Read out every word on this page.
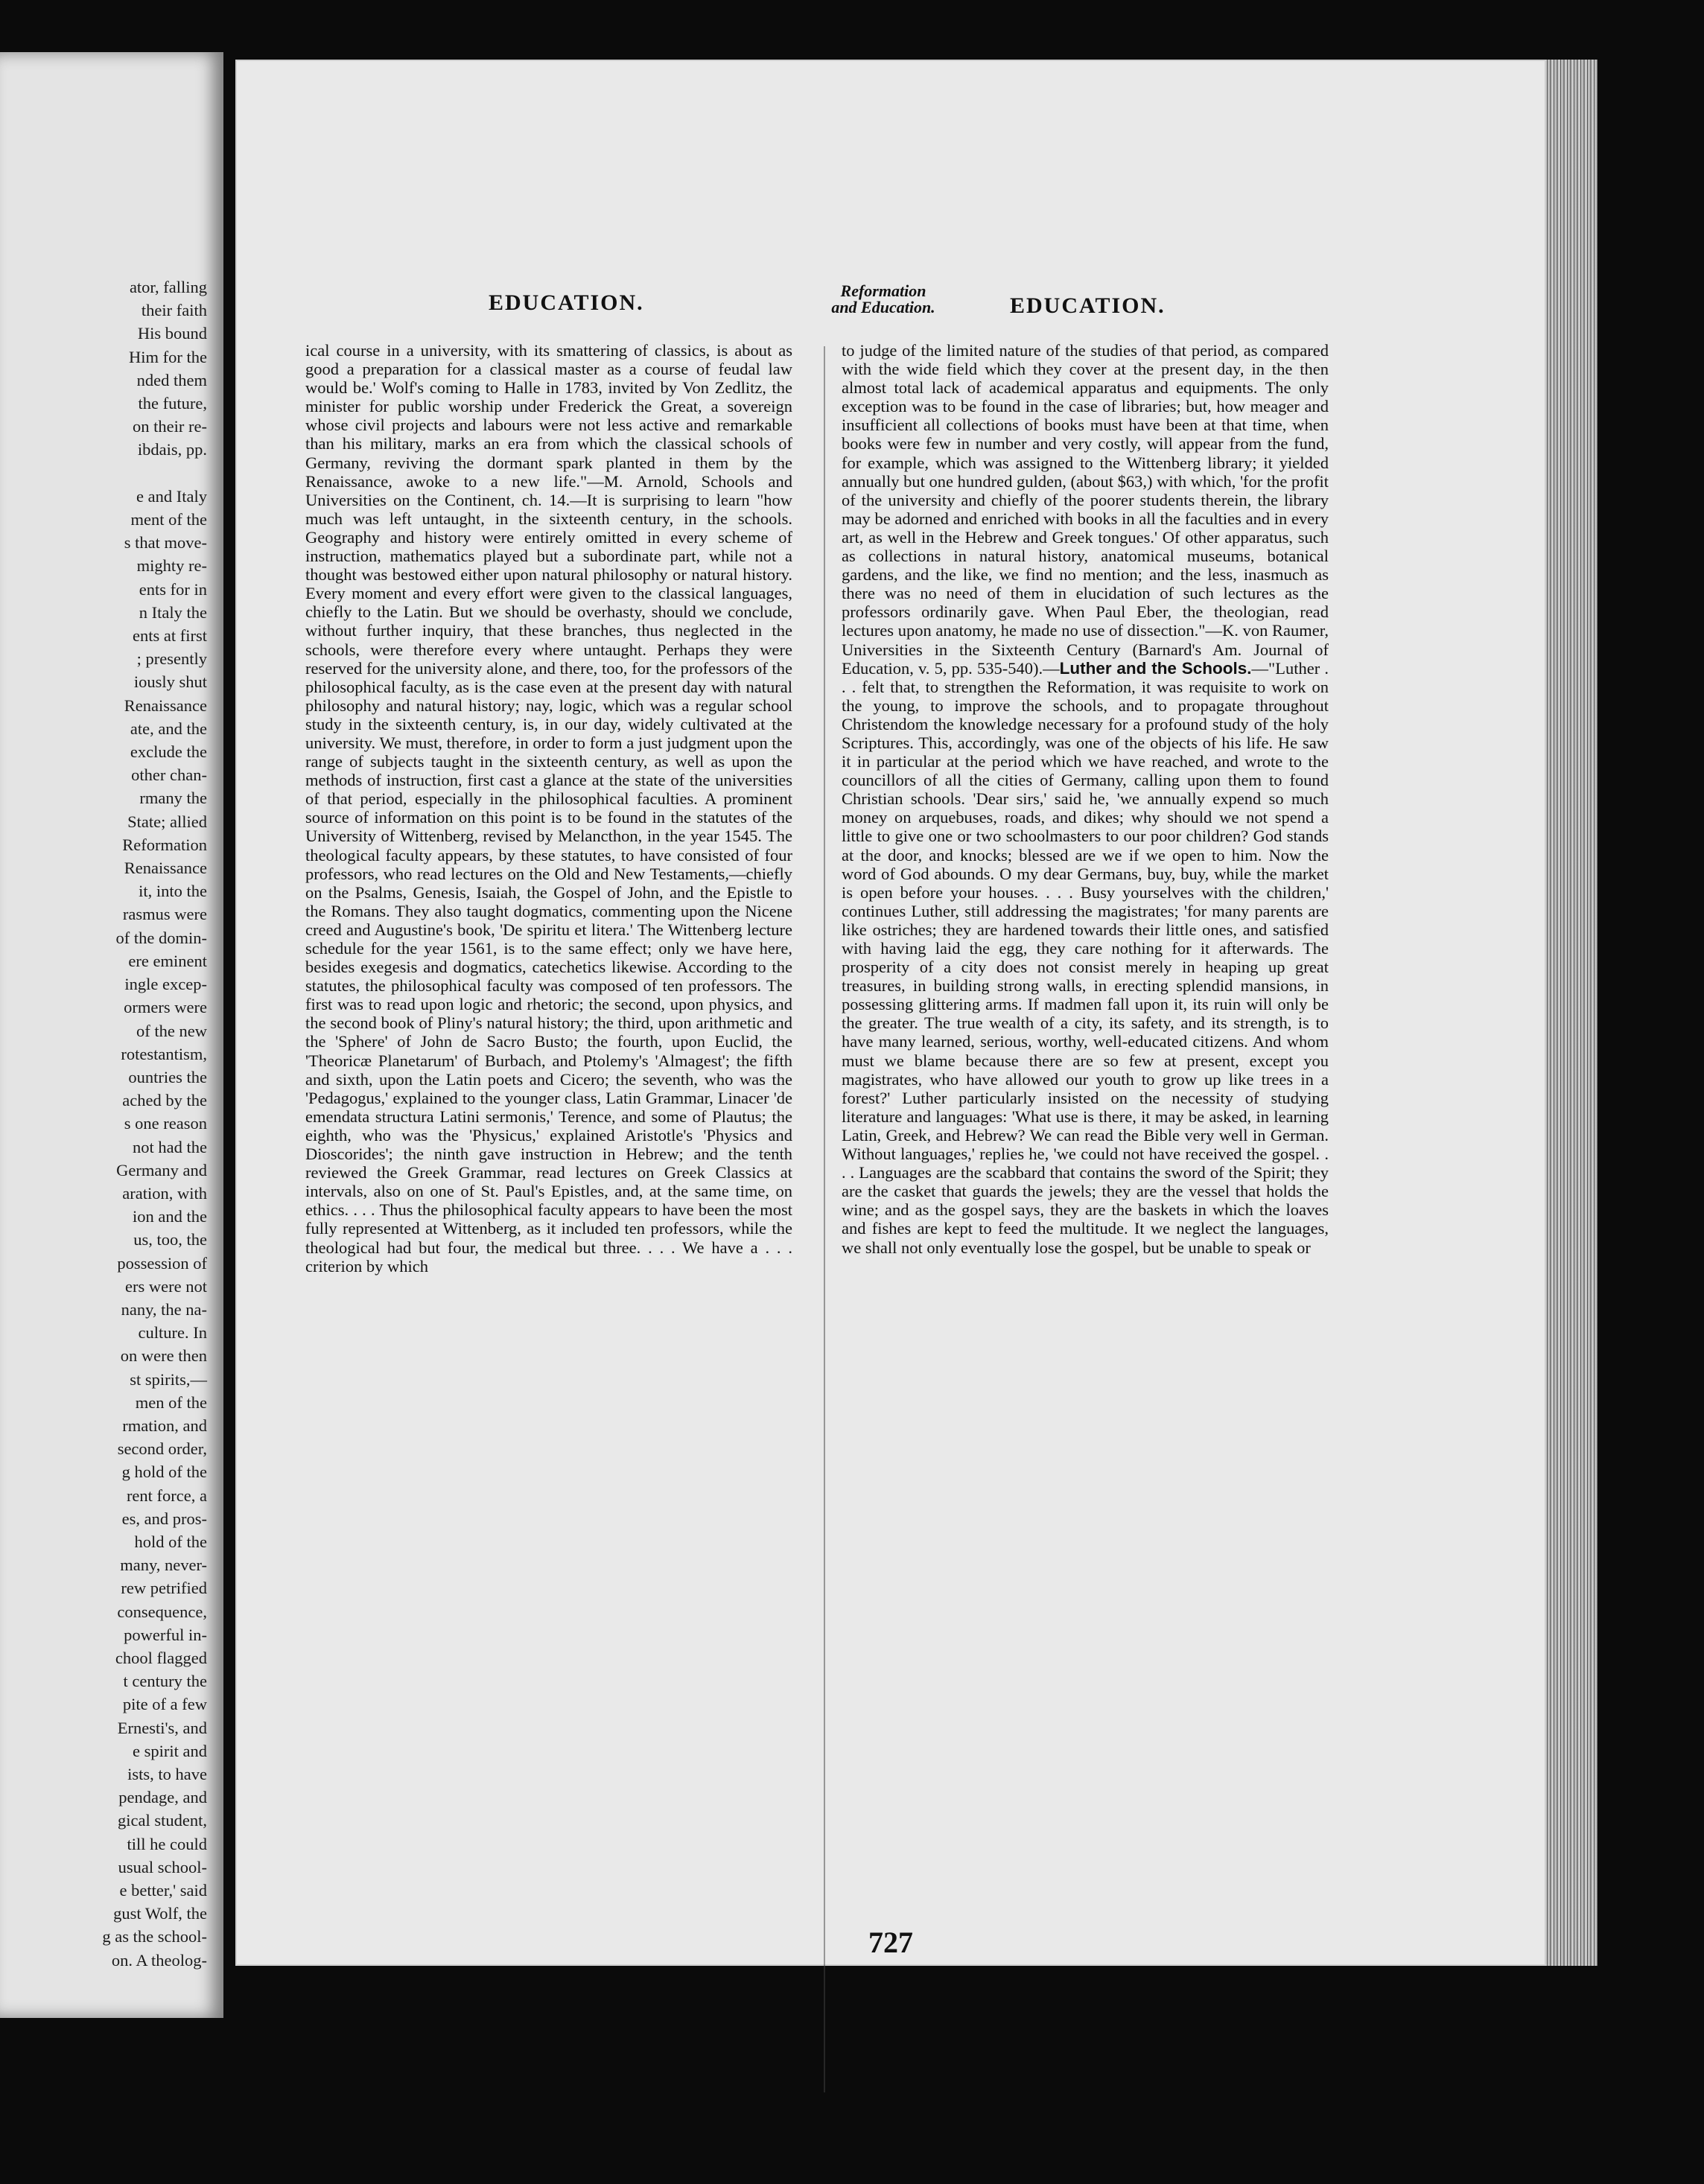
ator, falling
their faith
His bound
Him for the
nded them
the future,
on their re-
ibdais, pp.

e and Italy
ment of the
s that move-
mighty re-
ents for in
n Italy the
ents at first
; presently
iously shut
Renaissance
ate, and the
exclude the
other chan-
rmany the
State; allied
Reformation
Renaissance
it, into the
rasmus were
of the domin-
ere eminent
ingle excep-
ormers were
of the new
rotestantism,
ountries the
ached by the
s one reason
not had the
Germany and
aration, with
ion and the
us, too, the
possession of
ers were not
nany, the na-
culture. In
on were then
st spirits,—
men of the
rmation, and
second order,
g hold of the
rent force, a
es, and pros-
hold of the
many, never-
rew petrified
consequence,
powerful in-
chool flagged
t century the
pite of a few
Ernesti's, and
e spirit and
ists, to have
pendage, and
gical student,
till he could
usual school-
e better,' said
gust Wolf, the
g as the school-
on. A theolog-
EDUCATION.	Reformation
and Education.	EDUCATION.

ical course in a university, with its smattering of classics, is about as good a preparation for a classical master as a course of feudal law would be.' Wolf's coming to Halle in 1783, invited by Von Zedlitz, the minister for public worship under Frederick the Great, a sovereign whose civil projects and labours were not less active and remarkable than his military, marks an era from which the classical schools of Germany, reviving the dormant spark planted in them by the Renaissance, awoke to a new life."—M. Arnold, Schools and Universities on the Continent, ch. 14.—It is surprising to learn "how much was left untaught, in the sixteenth century, in the schools. Geography and history were entirely omitted in every scheme of instruction, mathematics played but a subordinate part, while not a thought was bestowed either upon natural philosophy or natural history. Every moment and every effort were given to the classical languages, chiefly to the Latin. But we should be overhasty, should we conclude, without further inquiry, that these branches, thus neglected in the schools, were therefore every where untaught. Perhaps they were reserved for the university alone, and there, too, for the professors of the philosophical faculty, as is the case even at the present day with natural philosophy and natural history; nay, logic, which was a regular school study in the sixteenth century, is, in our day, widely cultivated at the university. We must, therefore, in order to form a just judgment upon the range of subjects taught in the sixteenth century, as well as upon the methods of instruction, first cast a glance at the state of the universities of that period, especially in the philosophical faculties. A prominent source of information on this point is to be found in the statutes of the University of Wittenberg, revised by Melancthon, in the year 1545. The theological faculty appears, by these statutes, to have consisted of four professors, who read lectures on the Old and New Testaments,—chiefly on the Psalms, Genesis, Isaiah, the Gospel of John, and the Epistle to the Romans. They also taught dogmatics, commenting upon the Nicene creed and Augustine's book, 'De spiritu et litera.' The Wittenberg lecture schedule for the year 1561, is to the same effect; only we have here, besides exegesis and dogmatics, catechetics likewise. According to the statutes, the philosophical faculty was composed of ten professors. The first was to read upon logic and rhetoric; the second, upon physics, and the second book of Pliny's natural history; the third, upon arithmetic and the 'Sphere' of John de Sacro Busto; the fourth, upon Euclid, the 'Theoricæ Planetarum' of Burbach, and Ptolemy's 'Almagest'; the fifth and sixth, upon the Latin poets and Cicero; the seventh, who was the 'Pedagogus,' explained to the younger class, Latin Grammar, Linacer 'de emendata structura Latini sermonis,' Terence, and some of Plautus; the eighth, who was the 'Physicus,' explained Aristotle's 'Physics and Dioscorides'; the ninth gave instruction in Hebrew; and the tenth reviewed the Greek Grammar, read lectures on Greek Classics at intervals, also on one of St. Paul's Epistles, and, at the same time, on ethics. . . . Thus the philosophical faculty appears to have been the most fully represented at Wittenberg, as it included ten professors, while the theological had but four, the medical but three. . . . We have a . . . criterion by which

to judge of the limited nature of the studies of that period, as compared with the wide field which they cover at the present day, in the then almost total lack of academical apparatus and equipments. The only exception was to be found in the case of libraries; but, how meager and insufficient all collections of books must have been at that time, when books were few in number and very costly, will appear from the fund, for example, which was assigned to the Wittenberg library; it yielded annually but one hundred gulden, (about $63,) with which, 'for the profit of the university and chiefly of the poorer students therein, the library may be adorned and enriched with books in all the faculties and in every art, as well in the Hebrew and Greek tongues.' Of other apparatus, such as collections in natural history, anatomical museums, botanical gardens, and the like, we find no mention; and the less, inasmuch as there was no need of them in elucidation of such lectures as the professors ordinarily gave. When Paul Eber, the theologian, read lectures upon anatomy, he made no use of dissection."—K. von Raumer, Universities in the Sixteenth Century (Barnard's Am. Journal of Education, v. 5, pp. 535-540).—Luther and the Schools.—"Luther . . . felt that, to strengthen the Reformation, it was requisite to work on the young, to improve the schools, and to propagate throughout Christendom the knowledge necessary for a profound study of the holy Scriptures. This, accordingly, was one of the objects of his life. He saw it in particular at the period which we have reached, and wrote to the councillors of all the cities of Germany, calling upon them to found Christian schools. 'Dear sirs,' said he, 'we annually expend so much money on arquebuses, roads, and dikes; why should we not spend a little to give one or two schoolmasters to our poor children? God stands at the door, and knocks; blessed are we if we open to him. Now the word of God abounds. O my dear Germans, buy, buy, while the market is open before your houses. . . . Busy yourselves with the children,' continues Luther, still addressing the magistrates; 'for many parents are like ostriches; they are hardened towards their little ones, and satisfied with having laid the egg, they care nothing for it afterwards. The prosperity of a city does not consist merely in heaping up great treasures, in building strong walls, in erecting splendid mansions, in possessing glittering arms. If madmen fall upon it, its ruin will only be the greater. The true wealth of a city, its safety, and its strength, is to have many learned, serious, worthy, well-educated citizens. And whom must we blame because there are so few at present, except you magistrates, who have allowed our youth to grow up like trees in a forest?' Luther particularly insisted on the necessity of studying literature and languages: 'What use is there, it may be asked, in learning Latin, Greek, and Hebrew? We can read the Bible very well in German. Without languages,' replies he, 'we could not have received the gospel. . . . Languages are the scabbard that contains the sword of the Spirit; they are the casket that guards the jewels; they are the vessel that holds the wine; and as the gospel says, they are the baskets in which the loaves and fishes are kept to feed the multitude. It we neglect the languages, we shall not only eventually lose the gospel, but be unable to speak or

727
